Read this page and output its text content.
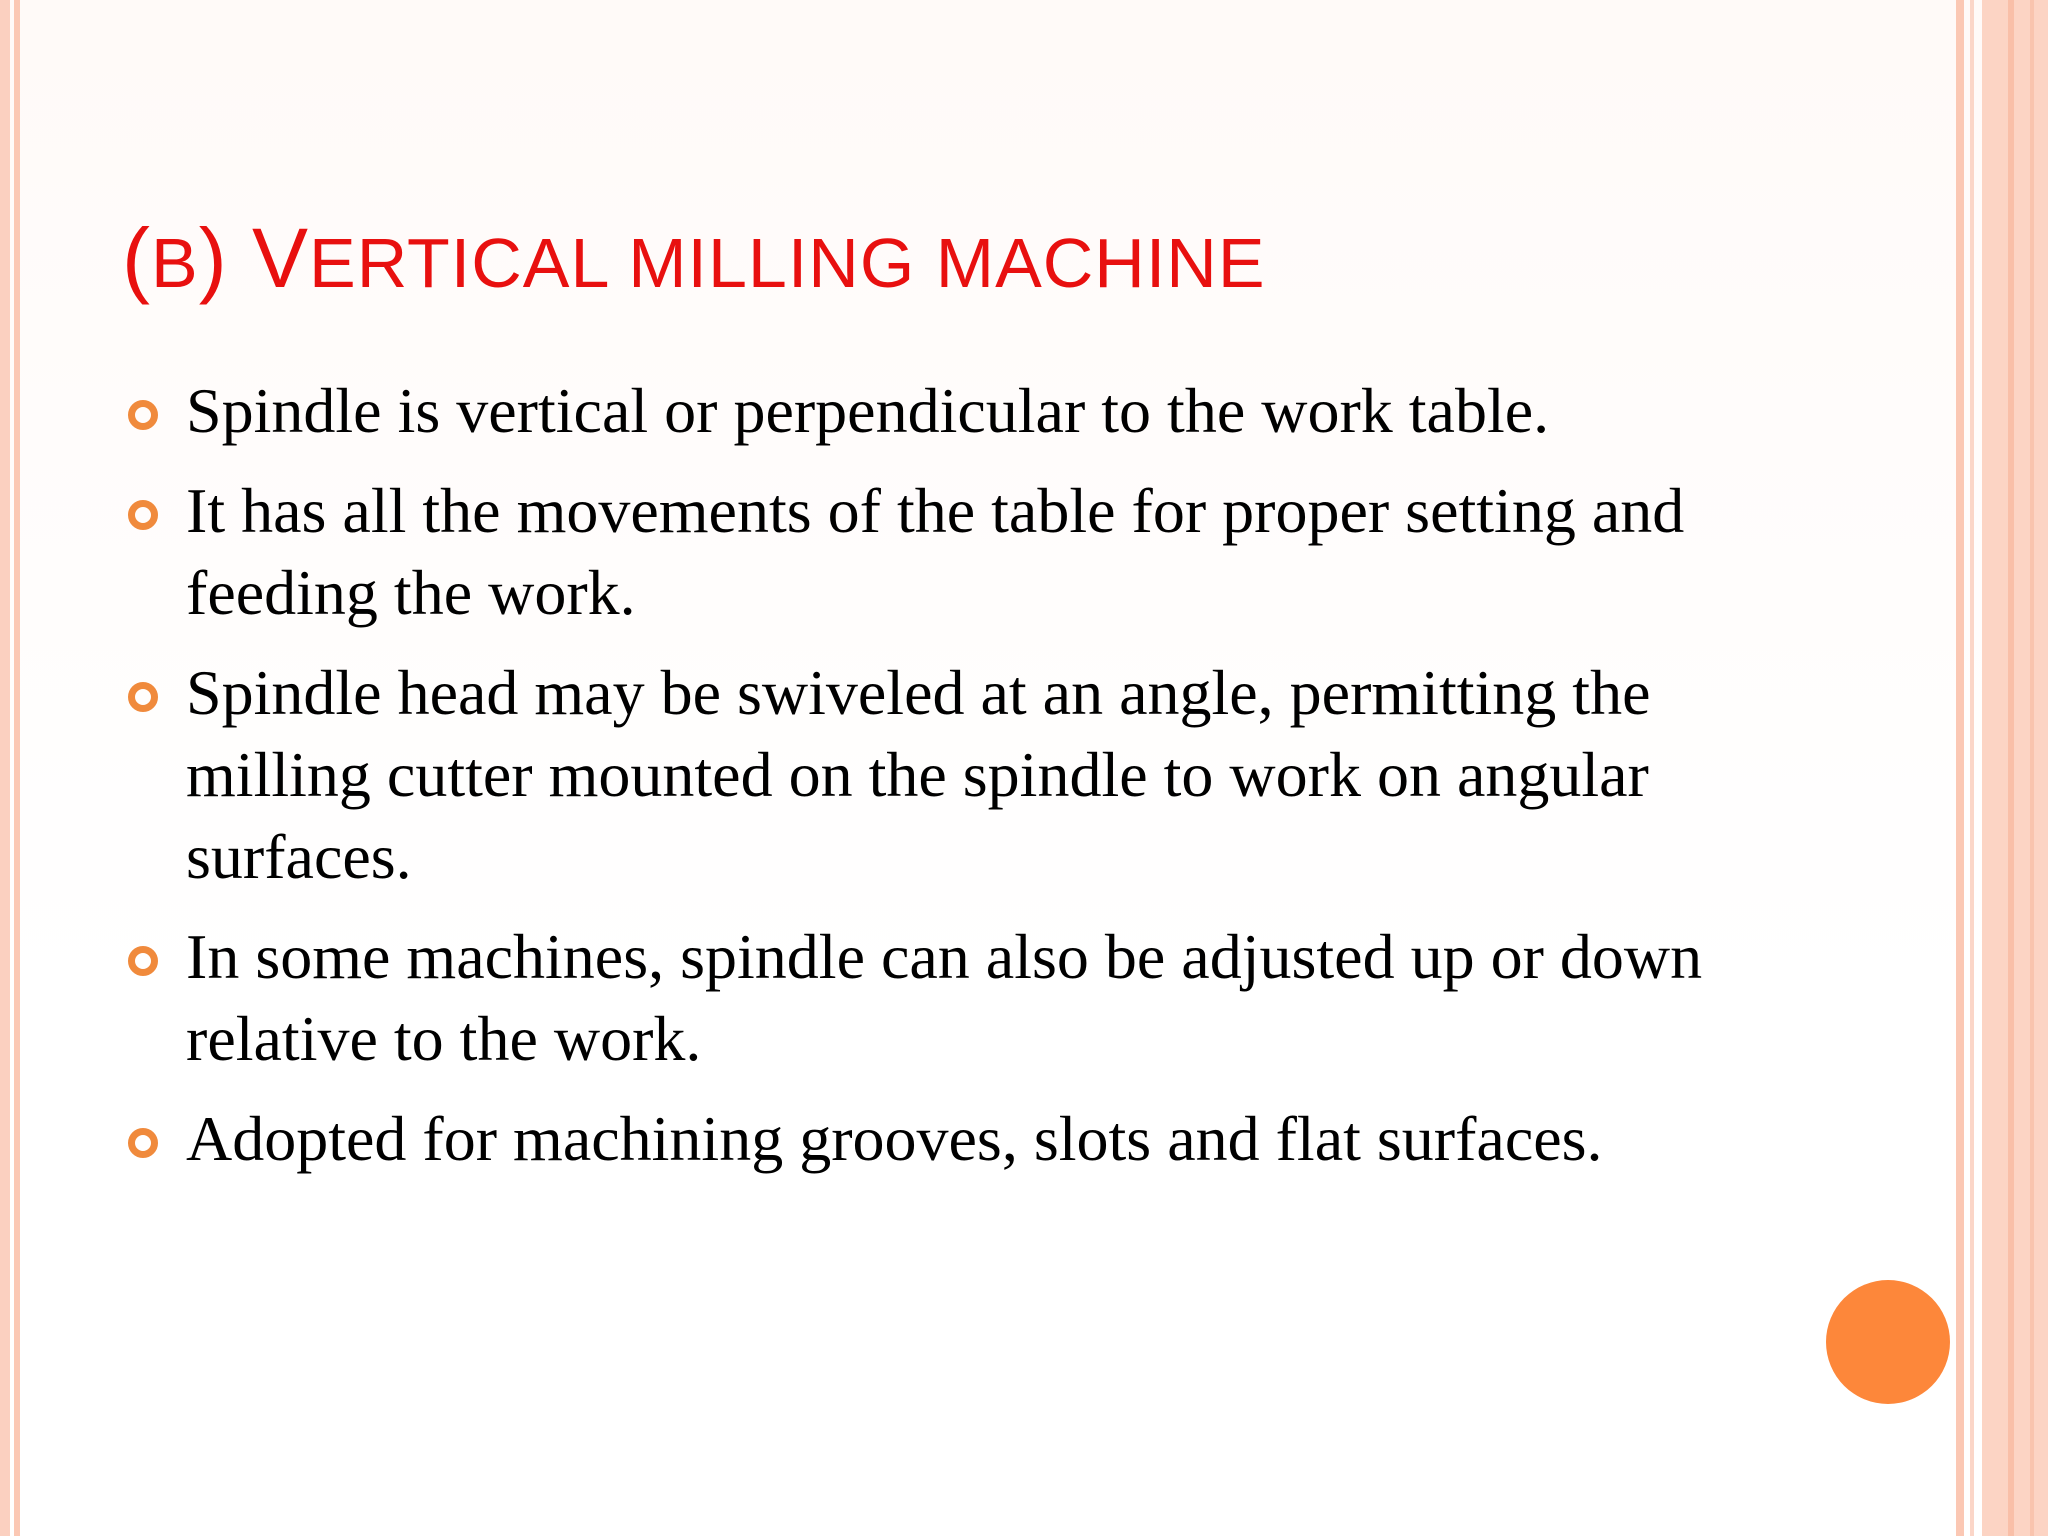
(B) VERTICAL MILLING MACHINE
Spindle is vertical or perpendicular to the work table.
It has all the movements of the table for proper setting and feeding the work.
Spindle head may be swiveled at an angle, permitting the milling cutter mounted on the spindle to work on angular surfaces.
In some machines, spindle can also be adjusted up or down relative to the work.
Adopted for machining grooves, slots and flat surfaces.
